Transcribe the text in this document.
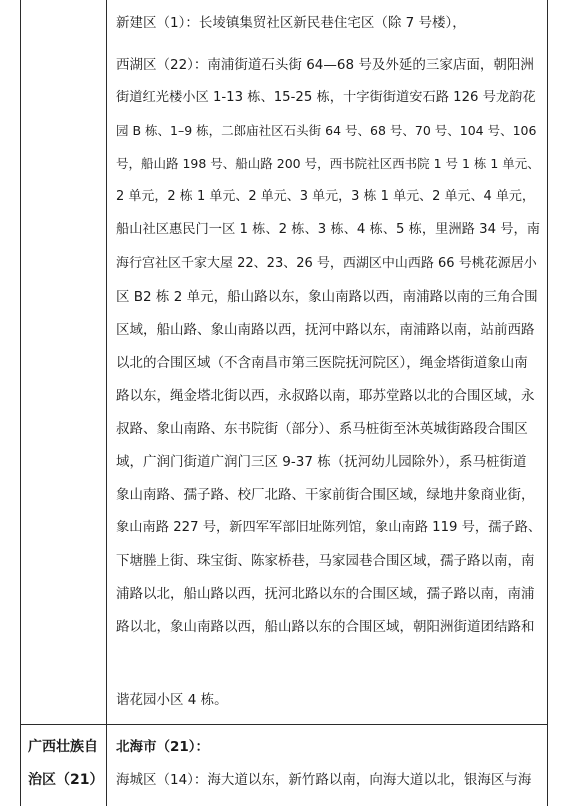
广西壮族自
治区（21）
新建区（1）：长堎镇集贸社区新民巷住宅区（除 7 号楼），
西湖区（22）：南浦街道石头街 64—68 号及外延的三家店面，朝阳洲
街道红光楼小区 1-13 栋、15-25 栋，十字街街道安石路 126 号龙韵花
园 B 栋、1–9 栋，二郎庙社区石头街 64 号、68 号、70 号、104 号、106
号，船山路 198 号、船山路 200 号，西书院社区西书院 1 号 1 栋 1 单元、
2 单元，2 栋 1 单元、2 单元、3 单元，3 栋 1 单元、2 单元、4 单元，
船山社区惠民门一区 1 栋、2 栋、3 栋、4 栋、5 栋，里洲路 34 号，南
海行宫社区千家大屋 22、23、26 号，西湖区中山西路 66 号桃花源居小
区 B2 栋 2 单元，船山路以东，象山南路以西，南浦路以南的三角合围
区域，船山路、象山南路以西，抚河中路以东，南浦路以南，站前西路
以北的合围区域（不含南昌市第三医院抚河院区），绳金塔街道象山南
路以东，绳金塔北街以西，永叔路以南，耶苏堂路以北的合围区域，永
叔路、象山南路、东书院街（部分）、系马桩街至沐英城街路段合围区
域，广润门街道广润门三区 9-37 栋（抚河幼儿园除外），系马桩街道
象山南路、孺子路、校厂北路、干家前街合围区域，绿地井象商业街，
象山南路 227 号，新四军军部旧址陈列馆，象山南路 119 号，孺子路、
下塘塍上街、珠宝街、陈家桥巷，马家园巷合围区域，孺子路以南，南
浦路以北，船山路以西，抚河北路以东的合围区域，孺子路以南，南浦
路以北，象山南路以西，船山路以东的合围区域，朝阳洲街道团结路和
谐花园小区 4 栋。
北海市（21）：
海城区（14）：海大道以东，新竹路以南，向海大道以北，银海区与海
